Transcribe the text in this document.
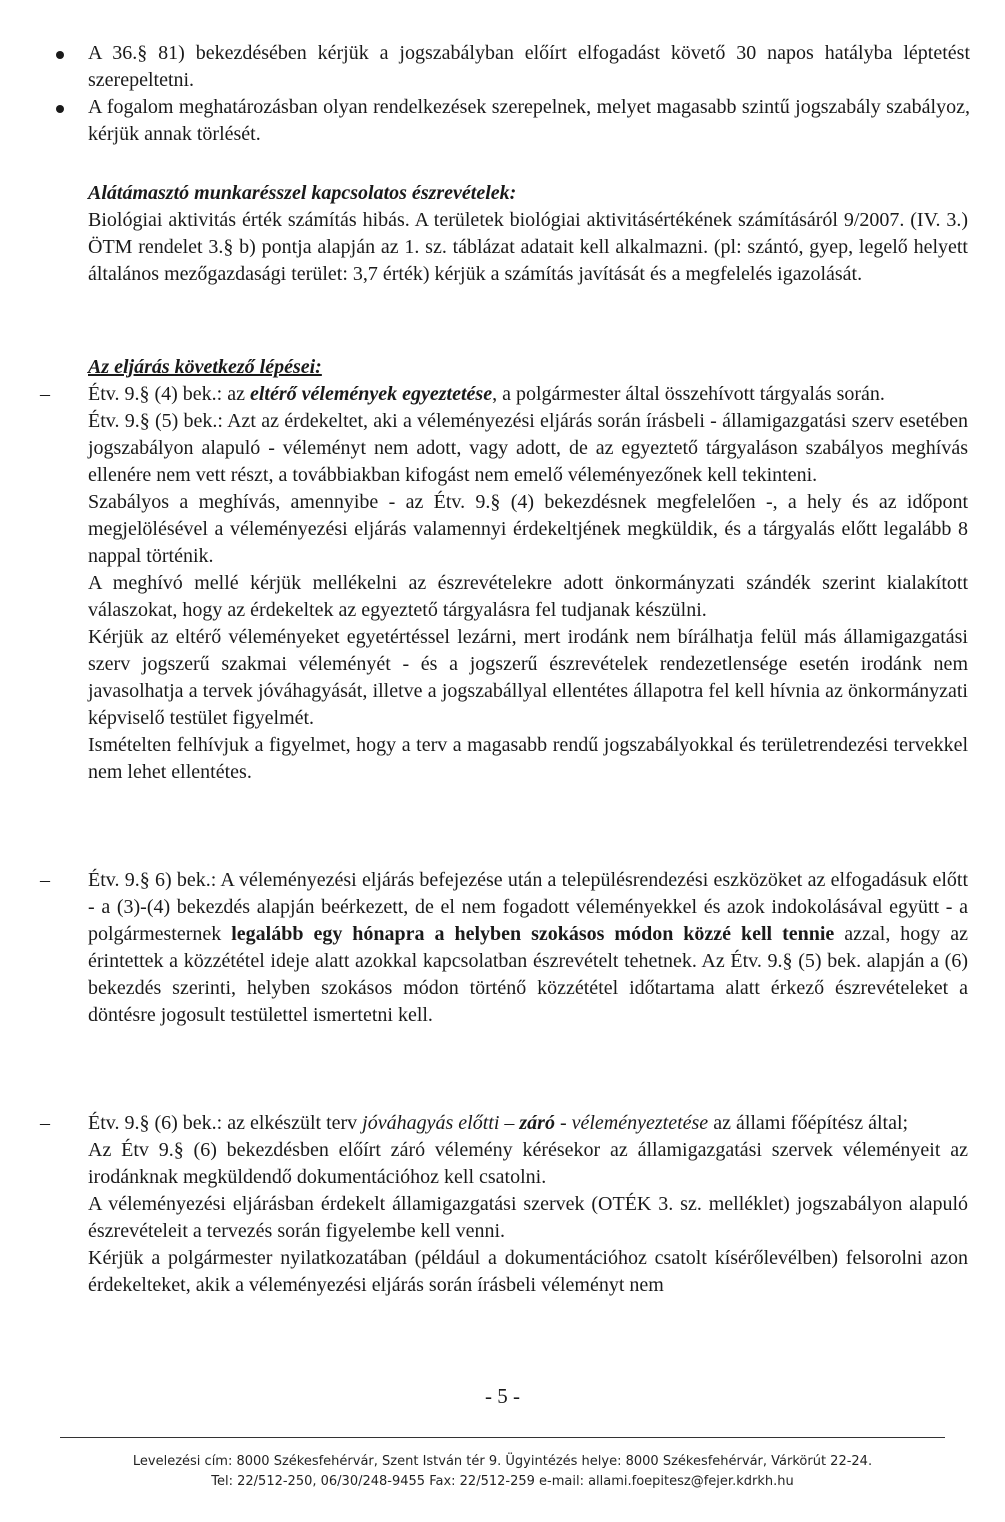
A 36.§ 81) bekezdésében kérjük a jogszabályban előírt elfogadást követő 30 napos hatályba léptetést szerepeltetni.
A fogalom meghatározásban olyan rendelkezések szerepelnek, melyet magasabb szintű jogszabály szabályoz, kérjük annak törlését.
Alátámasztó munkarésszel kapcsolatos észrevételek:

Biológiai aktivitás érték számítás hibás. A területek biológiai aktivitásértékének számításáról 9/2007. (IV. 3.) ÖTM rendelet 3.§ b) pontja alapján az 1. sz. táblázat adatait kell alkalmazni. (pl: szántó, gyep, legelő helyett általános mezőgazdasági terület: 3,7 érték) kérjük a számítás javítását és a megfelelés igazolását.

Az eljárás következő lépései:
– Étv. 9.§ (4) bek.: az eltérő vélemények egyeztetése, a polgármester által összehívott tárgyalás során.

Étv. 9.§ (5) bek.: Azt az érdekeltet, aki a véleményezési eljárás során írásbeli - államigazgatási szerv esetében jogszabályon alapuló - véleményt nem adott, vagy adott, de az egyeztető tárgyaláson szabályos meghívás ellenére nem vett részt, a továbbiakban kifogást nem emelő véleményezőnek kell tekinteni.

Szabályos a meghívás, amennyibe - az Étv. 9.§ (4) bekezdésnek megfelelően -, a hely és az időpont megjelölésével a véleményezési eljárás valamennyi érdekeltjének megküldik, és a tárgyalás előtt legalább 8 nappal történik.

A meghívó mellé kérjük mellékelni az észrevételekre adott önkormányzati szándék szerint kialakított válaszokat, hogy az érdekeltek az egyeztető tárgyalásra fel tudjanak készülni.

Kérjük az eltérő véleményeket egyetértéssel lezárni, mert irodánk nem bírálhatja felül más államigazgatási szerv jogszerű szakmai véleményét - és a jogszerű észrevételek rendezetlensége esetén irodánk nem javasolhatja a tervek jóváhagyását, illetve a jogszabállyal ellentétes állapotra fel kell hívnia az önkormányzati képviselő testület figyelmét.

Ismételten felhívjuk a figyelmet, hogy a terv a magasabb rendű jogszabályokkal és területrendezési tervekkel nem lehet ellentétes.

– Étv. 9.§ 6) bek.: A véleményezési eljárás befejezése után a településrendezési eszközöket az elfogadásuk előtt - a (3)-(4) bekezdés alapján beérkezett, de el nem fogadott véleményekkel és azok indokolásával együtt - a polgármesternek legalább egy hónapra a helyben szokásos módon közzé kell tennie azzal, hogy az érintettek a közzététel ideje alatt azokkal kapcsolatban észrevételt tehetnek. Az Étv. 9.§ (5) bek. alapján a (6) bekezdés szerinti, helyben szokásos módon történő közzététel időtartama alatt érkező észrevételeket a döntésre jogosult testülettel ismertetni kell.

– Étv. 9.§ (6) bek.: az elkészült terv jóváhagyás előtti – záró - véleményeztetése az állami főépítész által;

Az Étv 9.§ (6) bekezdésben előírt záró vélemény kérésekor az államigazgatási szervek véleményeit az irodánknak megküldendő dokumentációhoz kell csatolni.

A véleményezési eljárásban érdekelt államigazgatási szervek (OTÉK 3. sz. melléklet) jogszabályon alapuló észrevételeit a tervezés során figyelembe kell venni.

Kérjük a polgármester nyilatkozatában (például a dokumentációhoz csatolt kísérőlevélben) felsorolni azon érdekelteket, akik a véleményezési eljárás során írásbeli véleményt nem

- 5 -
Levelezési cím: 8000 Székesfehérvár, Szent István tér 9. Ügyintézés helye: 8000 Székesfehérvár, Várkörút 22-24.
Tel: 22/512-250, 06/30/248-9455 Fax: 22/512-259 e-mail: allami.foepitesz@fejer.kdrkh.hu
